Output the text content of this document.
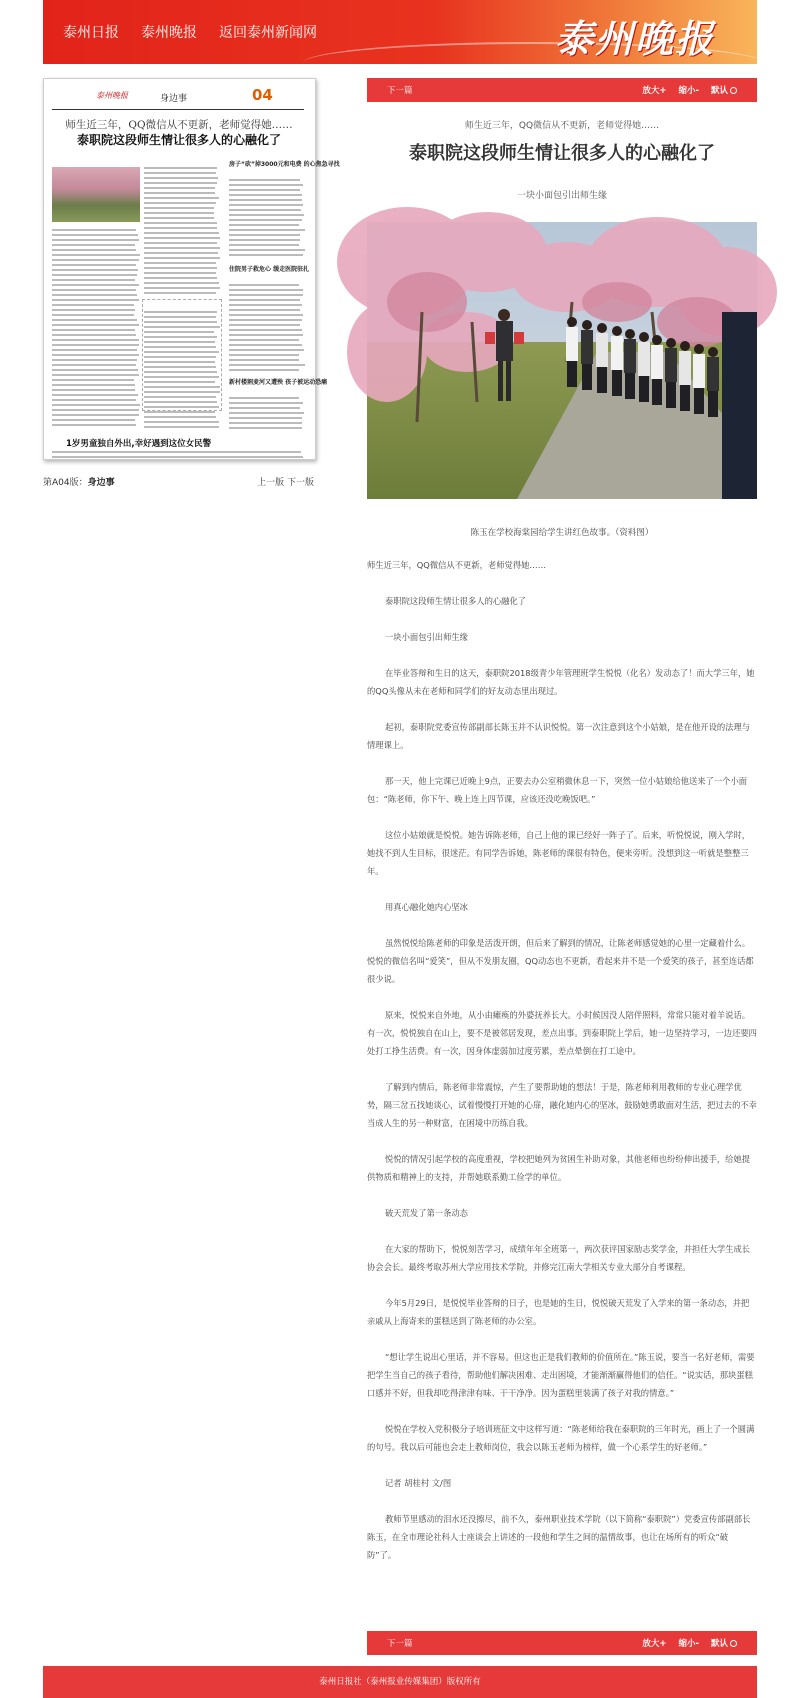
泰州日报 泰州晚报 返回泰州新闻网	泰州晚报
泰州晚报	身边事	04
师生近三年，QQ微信从不更新，老师觉得她……
泰职院这段师生情让很多人的心融化了
房子“砍”掉3000元和电费 的心焦急寻找
住院男子救危心 缓走医院驻扎
新村楼割麦河又遭殃 孩子被运动恐痛
1岁男童独自外出,幸好遇到这位女民警
第A04版：身边事	上一版 下一版
下一篇	放大+ 缩小- 默认
师生近三年，QQ微信从不更新，老师觉得她……
泰职院这段师生情让很多人的心融化了
一块小面包引出师生缘
陈玉在学校海棠园给学生讲红色故事。（资料图）

师生近三年，QQ微信从不更新，老师觉得她……

泰职院这段师生情让很多人的心融化了

一块小面包引出师生缘

在毕业答辩和生日的这天，泰职院2018级青少年管理班学生悦悦（化名）发动态了！而大学三年，她的QQ头像从未在老师和同学们的好友动态里出现过。

起初，泰职院党委宣传部副部长陈玉并不认识悦悦。第一次注意到这个小姑娘，是在他开设的法理与情理课上。

那一天，他上完课已近晚上9点，正要去办公室稍微休息一下，突然一位小姑娘给他送来了一个小面包：“陈老师，你下午、晚上连上四节课，应该还没吃晚饭吧。”

这位小姑娘就是悦悦。她告诉陈老师，自己上他的课已经好一阵子了。后来，听悦悦说，刚入学时，她找不到人生目标，很迷茫。有同学告诉她，陈老师的课很有特色，便来旁听。没想到这一听就是整整三年。

用真心融化她内心坚冰

虽然悦悦给陈老师的印象是活泼开朗，但后来了解到的情况，让陈老师感觉她的心里一定藏着什么。悦悦的微信名叫“爱笑”，但从不发朋友圈，QQ动态也不更新，看起来并不是一个爱笑的孩子，甚至连话都很少说。

原来，悦悦来自外地，从小由瘫痪的外婆抚养长大。小时候因没人陪伴照料，常常只能对着羊说话。有一次，悦悦独自在山上，要不是被邻居发现，差点出事。到泰职院上学后，她一边坚持学习，一边还要四处打工挣生活费。有一次，因身体虚弱加过度劳累，差点晕倒在打工途中。

了解到内情后，陈老师非常震惊，产生了要帮助她的想法！于是，陈老师利用教师的专业心理学优势，隔三岔五找她谈心，试着慢慢打开她的心扉，融化她内心的坚冰，鼓励她勇敢面对生活，把过去的不幸当成人生的另一种财富，在困境中历练自我。

悦悦的情况引起学校的高度重视，学校把她列为贫困生补助对象，其他老师也纷纷伸出援手，给她提供物质和精神上的支持，并帮她联系勤工俭学的单位。

破天荒发了第一条动态

在大家的帮助下，悦悦刻苦学习，成绩年年全班第一，两次获评国家励志奖学金，并担任大学生成长协会会长。最终考取苏州大学应用技术学院，并修完江南大学相关专业大部分自考课程。

今年5月29日，是悦悦毕业答辩的日子，也是她的生日，悦悦破天荒发了入学来的第一条动态，并把亲戚从上海寄来的蛋糕送到了陈老师的办公室。

“想让学生说出心里话，并不容易。但这也正是我们教师的价值所在。”陈玉说，要当一名好老师，需要把学生当自己的孩子看待，帮助他们解决困难、走出困境，才能渐渐赢得他们的信任。“说实话，那块蛋糕口感并不好，但我却吃得津津有味、干干净净。因为蛋糕里装满了孩子对我的情意。”

悦悦在学校入党积极分子培训班征文中这样写道：“陈老师给我在泰职院的三年时光，画上了一个圆满的句号。我以后可能也会走上教师岗位，我会以陈玉老师为榜样，做一个心系学生的好老师。”

记者 胡桂村 文/图

教师节里感动的泪水还没擦尽，前不久，泰州职业技术学院（以下简称“泰职院”）党委宣传部副部长陈玉，在全市理论社科人士座谈会上讲述的一段他和学生之间的温情故事，也让在场所有的听众“破防”了。

下一篇	放大+ 缩小- 默认
泰州日报社（泰州报业传媒集团）版权所有
